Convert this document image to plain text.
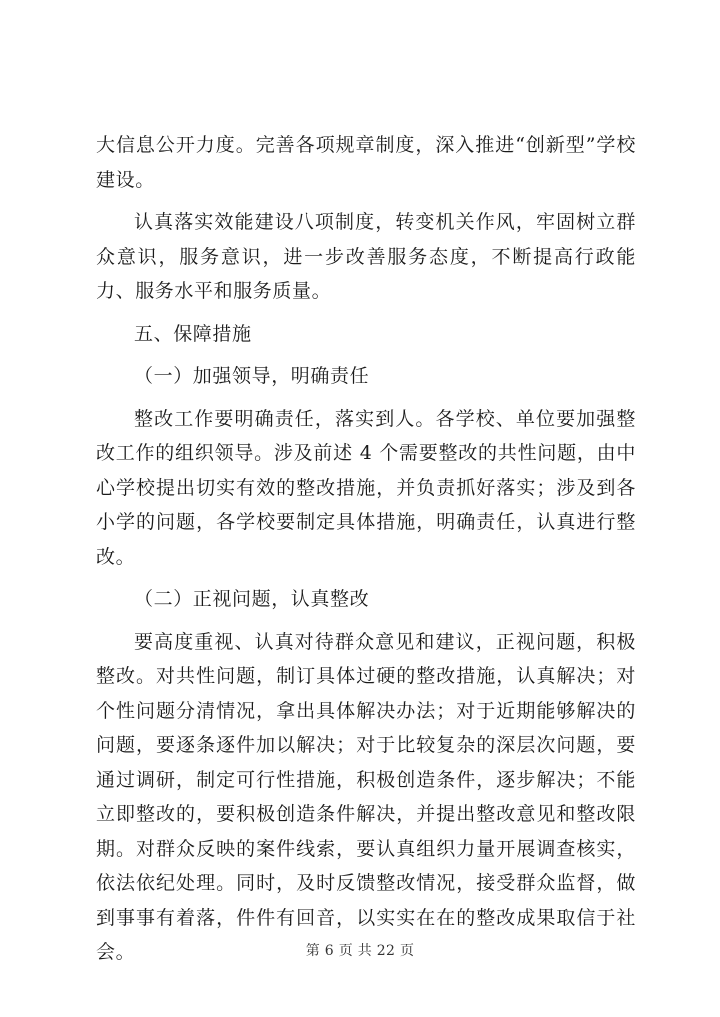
大信息公开力度。完善各项规章制度，深入推进“创新型”学校建设。

认真落实效能建设八项制度，转变机关作风，牢固树立群众意识，服务意识，进一步改善服务态度，不断提高行政能力、服务水平和服务质量。

五、保障措施

（一）加强领导，明确责任

整改工作要明确责任，落实到人。各学校、单位要加强整改工作的组织领导。涉及前述 4 个需要整改的共性问题，由中心学校提出切实有效的整改措施，并负责抓好落实；涉及到各小学的问题，各学校要制定具体措施，明确责任，认真进行整改。

（二）正视问题，认真整改

要高度重视、认真对待群众意见和建议，正视问题，积极整改。对共性问题，制订具体过硬的整改措施，认真解决；对个性问题分清情况，拿出具体解决办法；对于近期能够解决的问题，要逐条逐件加以解决；对于比较复杂的深层次问题，要通过调研，制定可行性措施，积极创造条件，逐步解决；不能立即整改的，要积极创造条件解决，并提出整改意见和整改限期。对群众反映的案件线索，要认真组织力量开展调查核实，依法依纪处理。同时，及时反馈整改情况，接受群众监督，做到事事有着落，件件有回音，以实实在在的整改成果取信于社会。	第 6 页 共 22 页
